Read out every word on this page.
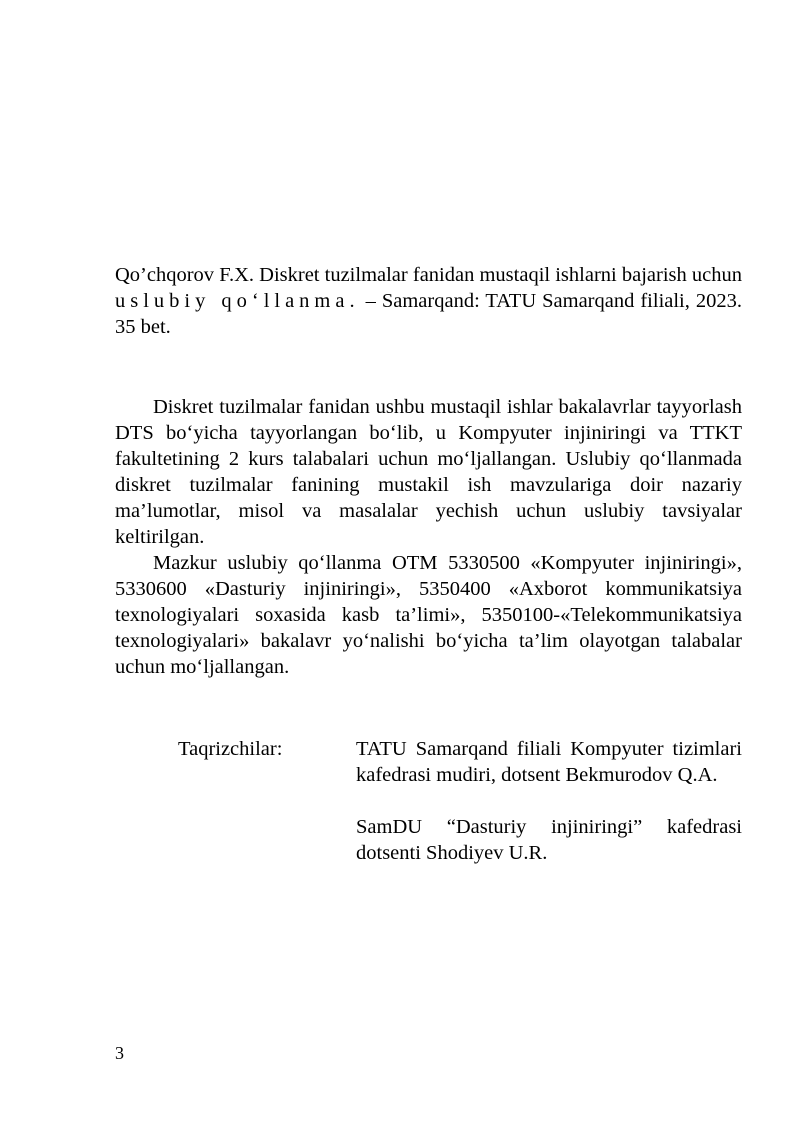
Qo’chqorov F.X. Diskret tuzilmalar fanidan mustaqil ishlarni bajarish uchun uslubiy qo‘llanma. – Samarqand: TATU Samarqand filiali, 2023. 35 bet.

Diskret tuzilmalar fanidan ushbu mustaqil ishlar bakalavrlar tayyorlash DTS bo‘yicha tayyorlangan bo‘lib, u Kompyuter injiniringi va TTKT fakultetining 2 kurs talabalari uchun mo‘ljallangan. Uslubiy qo‘llanmada diskret tuzilmalar fanining mustakil ish mavzulariga doir nazariy ma’lumotlar, misol va masalalar yechish uchun uslubiy tavsiyalar keltirilgan.

Mazkur uslubiy qo‘llanma OTM 5330500 «Kompyuter injiniringi», 5330600 «Dasturiy injiniringi», 5350400 «Axborot kommunikatsiya texnologiyalari soxasida kasb ta’limi», 5350100-«Telekommunikatsiya texnologiyalari» bakalavr yo‘nalishi bo‘yicha ta’lim olayotgan talabalar uchun mo‘ljallangan.

Taqrizchilar:	TATU Samarqand filiali Kompyuter tizimlari kafedrasi mudiri, dotsent Bekmurodov Q.A.

SamDU “Dasturiy injiniringi” kafedrasi dotsenti Shodiyev U.R.

3
